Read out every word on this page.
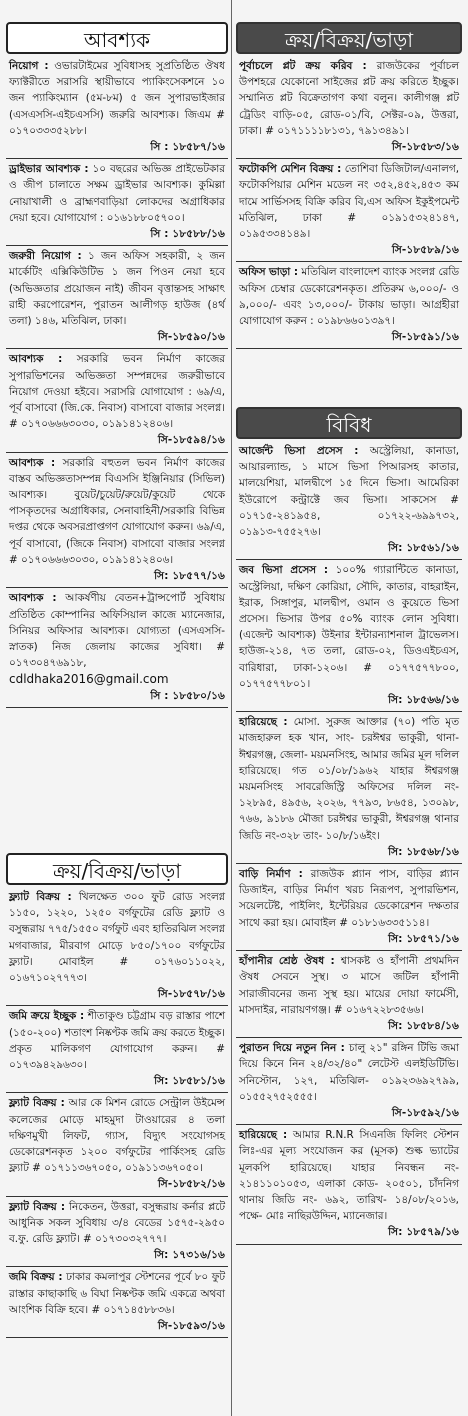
আবশ্যক
নিয়োগ : ওভারটাইমের সুবিধাসহ সুপ্রতিষ্ঠিত ঔষধ ফ্যাক্টরীতে সরাসরি স্থায়ীভাবে প্যাকিংসেকশনে ১০ জন প্যাকিংম্যান (৫ম-৮ম) ৫ জন সুপারভাইজার (এসএসসি-এইচএসসি) জরুরি আবশ্যক। জিএম # ০১৭০৩৩৩৫২৮৮।
সি : ১৮৫৮৭/১৬
ড্রাইভার আবশ্যক : ১০ বছরের অভিজ্ঞ প্রাইভেটকার ও জীপ চালাতে সক্ষম ড্রাইভার আবশ্যক। কুমিল্লা নোয়াখালী ও ব্রাহ্মণবাড়িয়া লোকদের অগ্রাধিকার দেয়া হবে। যোগাযোগ : ০১৬১৮৮০৫৭০০।
সি : ১৮৫৮৮/১৬
জরুরী নিয়োগ : ১ জন অফিস সহকারী, ২ জন মার্কেটিং এক্সিকিউটিভ ১ জন পিওন নেয়া হবে (অভিজ্ঞতার প্রয়োজন নাই) জীবন বৃত্তান্তসহ সাক্ষাৎ রাহী করপোরেশন, পুরাতন আলীগড় হাউজ (৪র্থ তলা) ১৪৬, মতিঝিল, ঢাকা।
সি-১৮৫৯০/১৬
আবশ্যক : সরকারি ভবন নির্মাণ কাজের সুপারভিশনের অভিজ্ঞতা সম্পন্নদের জরুরীভাবে নিয়োগ দেওয়া হইবে। সরাসরি যোগাযোগ : ৬৯/এ, পূর্ব বাসাবো (জি.কে. নিবাস) বাসাবো বাজার সংলগ্ন। # ০১৭০৬৬৬৩০৩০, ০১৯১৪১২৪০৬।
সি-১৮৫৯৪/১৬
আবশ্যক : সরকারি বহুতল ভবন নির্মাণ কাজের বাস্তব অভিজ্ঞতাসম্পন্ন বিএসসি ইঞ্জিনিয়ার (সিভিল) আবশ্যক। বুয়েট/চুয়েট/রুয়েট/কুয়েট থেকে পাসকৃতদের অগ্রাধিকার, সেনাবাহিনী/সরকারি বিভিন্ন দপ্তর থেকে অবসরপ্রাপ্তগণ যোগাযোগ করুন। ৬৯/এ, পূর্ব বাসাবো, (জিকে নিবাস) বাসাবো বাজার সংলগ্ন # ০১৭০৬৬৬৩০৩০, ০১৯১৪১২৪০৬।
সি: ১৮৫৭৭/১৬
আবশ্যক : আকর্ষণীয় বেতন+ট্রান্সপোর্ট সুবিধায় প্রতিষ্ঠিত কোম্পানির অফিসিয়াল কাজে ম্যানেজার, সিনিয়র অফিসার আবশ্যক। যোগ্যতা (এসএসসি-স্নাতক) নিজ জেলায় কাজের সুবিধা। # ০১৭৩০৪৭৬৯১৮,
cdldhaka2016@gmail.com
সি : ১৮৫৮০/১৬
ক্রয়/বিক্রয়/ভাড়া
ফ্ল্যাট বিক্রয় : খিলক্ষেত ৩০০ ফুট রোড সংলগ্ন ১১৫০, ১২২০, ১২৫০ বর্গফুটের রেডি ফ্ল্যাট ও বসুন্ধরায় ৭৭৫/১৫৫০ বর্গফুট এবং হাতিরঝিল সংলগ্ন মগবাজার, মীরবাগ মোড়ে ৮৫০/১৭০০ বর্গফুটের ফ্ল্যাট। মোবাইল # ০১৭৬০১১০২২, ০১৬৭১০২৭৭৭৩।
সি-১৮৫৭৮/১৬
জমি ক্রয়ে ইচ্ছুক : শীতাকুণ্ড চট্টগ্রাম বড় রাস্তার পাশে (১৫০-২০০) শতাংশ নিষ্কণ্টক জমি ক্রয় করতে ইচ্ছুক। প্রকৃত মালিকগণ যোগাযোগ করুন। # ০১৭৩৯৪২৯৬৩০।
সি: ১৮৫৮১/১৬
ফ্ল্যাট বিক্রয় : আর কে মিশন রোডে সেন্ট্রাল উইমেন্স কলেজের মোড়ে মাহমুদা টাওয়ারের ৪ তলা দক্ষিণমুখী লিফট, গ্যাস, বিদ্যুৎ সংযোগসহ ডেকোরেশনকৃত ১২০০ বর্গফুটের পার্কিংসহ রেডি ফ্ল্যাট # ০১৭১১৩৬৭০৫০, ০১৯১১৩৬৭০৫০।
সি-১৮৫৮২/১৬
ফ্ল্যাট বিক্রয় : নিকেতন, উত্তরা, বসুন্ধরায় কর্নার প্লটে আধুনিক সকল সুবিধায় ৩/৪ বেডের ১৫৭৫-২৯৫০ ব.ফু. রেডি ফ্ল্যাট। # ০১৭৩০৩২৭৭৭।
সি: ১৭৩১৬/১৬
জমি বিক্রয় : ঢাকার কমলাপুর স্টেশনের পূর্বে ৮০ ফুট রাস্তার কাছাকাছি ৬ বিঘা নিষ্কণ্টক জমি একত্রে অথবা আংশিক বিক্রি হবে। # ০১৭১৪৫৮৮৩৬।
সি-১৮৫৯৩/১৬
ক্রয়/বিক্রয়/ভাড়া
পূর্বাচলে প্লট ক্রয় করিব : রাজউকের পূর্বাচল উপশহরে যেকোনো সাইজের প্লট ক্রয় করিতে ইচ্ছুক। সম্মানিত প্লট বিক্রেতাগণ কথা বলুন। কালীগঞ্জ প্লট ট্রেডিং বাড়ি-০৫, রোড-০১/বি, সেক্টর-০৯, উত্তরা, ঢাকা। # ০১৭১১১১৮১৩১, ৭৯১৩৪৯১।
সি-১৮৫৮৩/১৬
ফটোকপি মেশিন বিক্রয় : তোশিবা ডিজিটাল/এনালগ, ফটোকপিয়ার মেশিন মডেল নং ৩৫২,৪৫২,৪৫৩ কম দামে সার্ভিসসহ বিক্রি করিব বি,এস অফিস ইকুইপমেন্ট মতিঝিল, ঢাকা # ০১৯১৫৩২৪১৪৭, ০১৯৫৩৩৪১৪৯।
সি-১৮৫৮৯/১৬
অফিস ভাড়া : মতিঝিল বাংলাদেশ ব্যাংক সংলগ্ন রেডি অফিস চেম্বার ডেকোরেশনকৃত। প্রতিরুম ৬,০০০/- ও ৯,০০০/- এবং ১৩,০০০/- টাকায় ভাড়া। আগ্রহীরা যোগাযোগ করুন : ০১৯৮৬৬০১৩৯৭।
সি-১৮৫৯১/১৬
বিবিধ
আর্জেন্ট ভিসা প্রসেস : অস্ট্রেলিয়া, কানাডা, আয়ারল্যান্ড, ১ মাসে ভিসা পিআরসহ কাতার, মালয়েশিয়া, মালদ্বীপে ১৫ দিনে ভিসা। আমেরিকা ইউরোপে কন্ট্রাক্টে জব ভিসা। সাকসেস # ০১৭১৫-২৪১৯৫৪, ০১৭২২-৬৯৯৭৩২, ০১৯১৩-৭৫৫২৭৬।
সি: ১৮৫৬১/১৬
জব ভিসা প্রসেস : ১০০% গ্যারান্টিতে কানাডা, অস্ট্রেলিয়া, দক্ষিণ কোরিয়া, সৌদি, কাতার, বাহরাইন, ইরাক, সিঙ্গাপুর, মালদ্বীপ, ওমান ও কুয়েতে ভিসা প্রসেস। ভিসার উপর ৫০% ব্যাংক লোন সুবিধা। (এজেন্ট আবশ্যক) উইনার ইন্টারন্যাশনাল ট্রাভেলস। হাউজ-২১৪, ৭ত তলা, রোড-০২, ডিওএইচএস, বারিধারা, ঢাকা-১২০৬। # ০১৭৭৫৭৭৮০০, ০১৭৭৫৭৭৮০১।
সি: ১৮৫৬৬/১৬
হারিয়েছে : মোসা. সুরুজ আক্তার (৭০) পতি মৃত মাজহারুল হক খান, সাং- চরঈশ্বর ভাকুরী, থানা- ঈশ্বরগঞ্জ, জেলা- ময়মনসিংহ, আমার জমির মূল দলিল হারিয়েছে। গত ০১/০৮/১৯৬২ যাহার ঈশ্বরগঞ্জ ময়মনসিংহ সাবরেজিস্ট্রি অফিসের দলিল নং- ১২৮৯৫, ৪৯৫৬, ২০২৬, ৭৭৯৩, ৮৬৫৪, ১৩০৯৮, ৭৬৬, ৯১৮৬ মৌজা চরঈশ্বর ভাকুরী, ঈশ্বরগঞ্জ থানার জিডি নং-৩২৮ তাং- ১০/৮/১৬ইং।
সি: ১৮৫৬৮/১৬
বাড়ি নির্মাণ : রাজউক প্ল্যান পাস, বাড়ির প্ল্যান ডিজাইন, বাড়ির নির্মাণ খরচ নিরূপণ, সুপারভিশন, সয়েলটেষ্ট, পাইলিং, ইন্টেরিয়র ডেকোরেশন দক্ষতার সাথে করা হয়। মোবাইল # ০১৮১৬৩৩৫১১৪।
সি: ১৮৫৭১/১৬
হাঁপানীর শ্রেষ্ঠ ঔষধ : শ্বাসকষ্ট ও হাঁপানী প্রথমদিন ঔষধ সেবনে সুস্থ। ৩ মাসে জটিল হাঁপানী সারাজীবনের জন্য সুস্থ হয়। মায়ের দোয়া ফার্মেসী, মাসদাইর, নারায়ণগঞ্জ। # ০১৬৭২২৮৩৫৬৬।
সি: ১৮৫৮৪/১৬
পুরাতন দিয়ে নতুন নিন : চালু ২১" রঙ্গিন টিভি জমা দিয়ে কিনে নিন ২৪/৩২/৪০" লেটেস্ট এলইডিটিভি। সনিস্টোন, ১২৭, মতিঝিল- ০১৯২৩৬৯২৭৯৯, ০১৫৫২৭৫২৫৫৫।
সি-১৮৫৯২/১৬
হারিয়েছে : আমার R.N.R সিএনজি ফিলিং স্টেশন লিঃ-এর মূল্য সংযোজন কর (মূসক) শুল্ক ভ্যাটের মূলকপি হারিয়েছে। যাহার নিবন্ধন নং- ২১৪১১০১০৫৩, এলাকা কোড- ২০৫০১, চাঁদনিগ থানায় জিডি নং- ৬৯২, তারিখ- ১৪/০৮/২০১৬, পক্ষে- মোঃ নাছিরউদ্দিন, ম্যানেজার।
সি: ১৮৫৭৯/১৬
